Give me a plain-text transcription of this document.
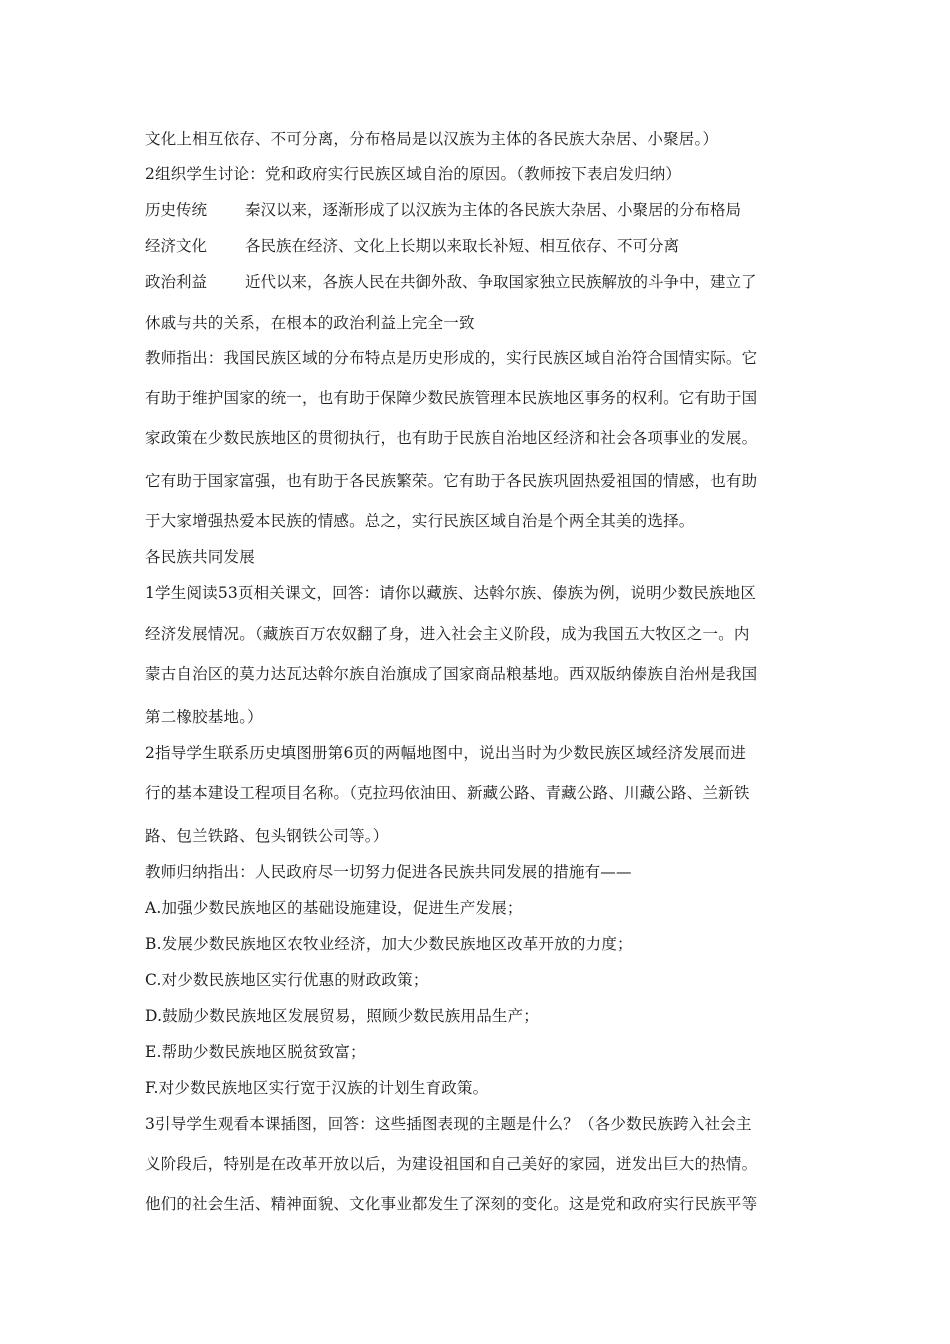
文化上相互依存、不可分离，分布格局是以汉族为主体的各民族大杂居、小聚居。）
2组织学生讨论：党和政府实行民族区域自治的原因。（教师按下表启发归纳）
历史传统 秦汉以来，逐渐形成了以汉族为主体的各民族大杂居、小聚居的分布格局
经济文化 各民族在经济、文化上长期以来取长补短、相互依存、不可分离
政治利益 近代以来，各族人民在共御外敌、争取国家独立民族解放的斗争中，建立了
休戚与共的关系，在根本的政治利益上完全一致
教师指出：我国民族区域的分布特点是历史形成的，实行民族区域自治符合国情实际。它
有助于维护国家的统一，也有助于保障少数民族管理本民族地区事务的权利。它有助于国
家政策在少数民族地区的贯彻执行，也有助于民族自治地区经济和社会各项事业的发展。
它有助于国家富强，也有助于各民族繁荣。它有助于各民族巩固热爱祖国的情感，也有助
于大家增强热爱本民族的情感。总之，实行民族区域自治是个两全其美的选择。
各民族共同发展
1学生阅读53页相关课文，回答：请你以藏族、达斡尔族、傣族为例，说明少数民族地区
经济发展情况。（藏族百万农奴翻了身，进入社会主义阶段，成为我国五大牧区之一。内
蒙古自治区的莫力达瓦达斡尔族自治旗成了国家商品粮基地。西双版纳傣族自治州是我国
第二橡胶基地。）
2指导学生联系历史填图册第6页的两幅地图中，说出当时为少数民族区域经济发展而进
行的基本建设工程项目名称。（克拉玛依油田、新藏公路、青藏公路、川藏公路、兰新铁
路、包兰铁路、包头钢铁公司等。）
教师归纳指出：人民政府尽一切努力促进各民族共同发展的措施有——
A.加强少数民族地区的基础设施建设，促进生产发展；
B.发展少数民族地区农牧业经济，加大少数民族地区改革开放的力度；
C.对少数民族地区实行优惠的财政政策；
D.鼓励少数民族地区发展贸易，照顾少数民族用品生产；
E.帮助少数民族地区脱贫致富；
F.对少数民族地区实行宽于汉族的计划生育政策。
3引导学生观看本课插图，回答：这些插图表现的主题是什么？（各少数民族跨入社会主
义阶段后，特别是在改革开放以后，为建设祖国和自己美好的家园，迸发出巨大的热情。
他们的社会生活、精神面貌、文化事业都发生了深刻的变化。这是党和政府实行民族平等
